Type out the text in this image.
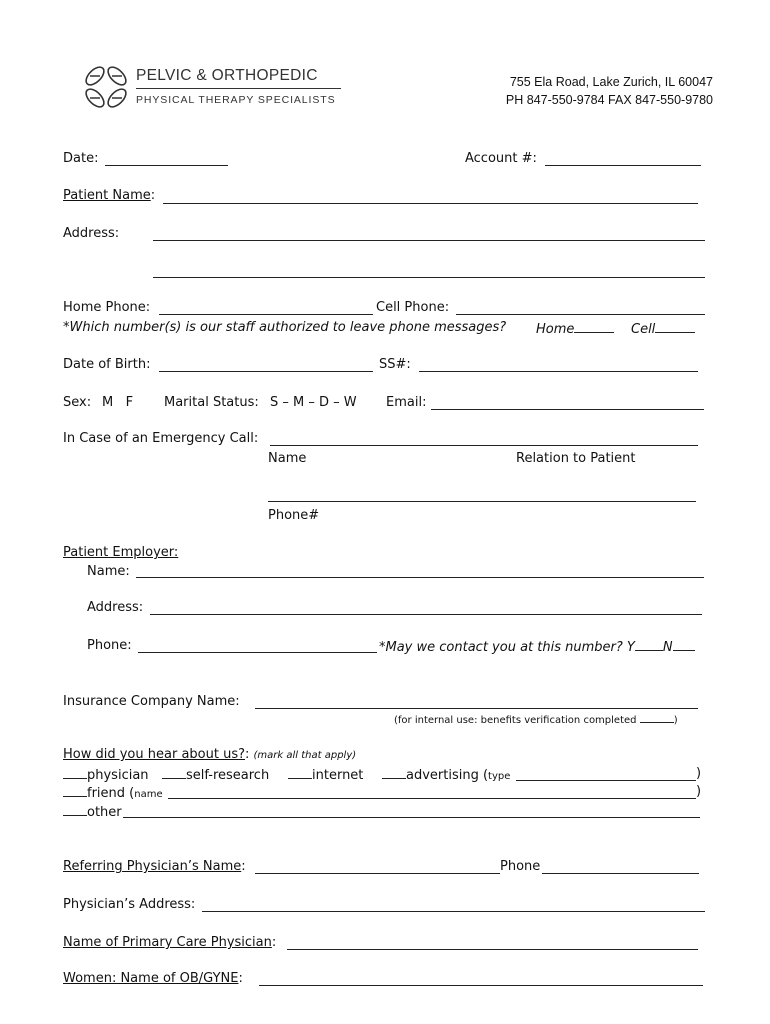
PELVIC & ORTHOPEDIC
PHYSICAL THERAPY SPECIALISTS
755 Ela Road, Lake Zurich, IL 60047
PH 847-550-9784 FAX 847-550-9780
Date:	Account #:
Patient Name:
Address:
Home Phone:	Cell Phone:
*Which number(s) is our staff authorized to leave phone messages? Home	Cell
Date of Birth:	SS#:
Sex: M   F Marital Status: S – M – D – W Email:
In Case of an Emergency Call:
Name	Relation to Patient
Phone#
Patient Employer:
Name:
Address:
Phone:	*May we contact you at this number? Y N
Insurance Company Name:
(for internal use: benefits verification completed	)
How did you hear about us?: (mark all that apply)
physician	self-research	internet	advertising (type	)
friend (name	)
other
Referring Physician’s Name:	Phone
Physician’s Address:
Name of Primary Care Physician:
Women: Name of OB/GYNE:
